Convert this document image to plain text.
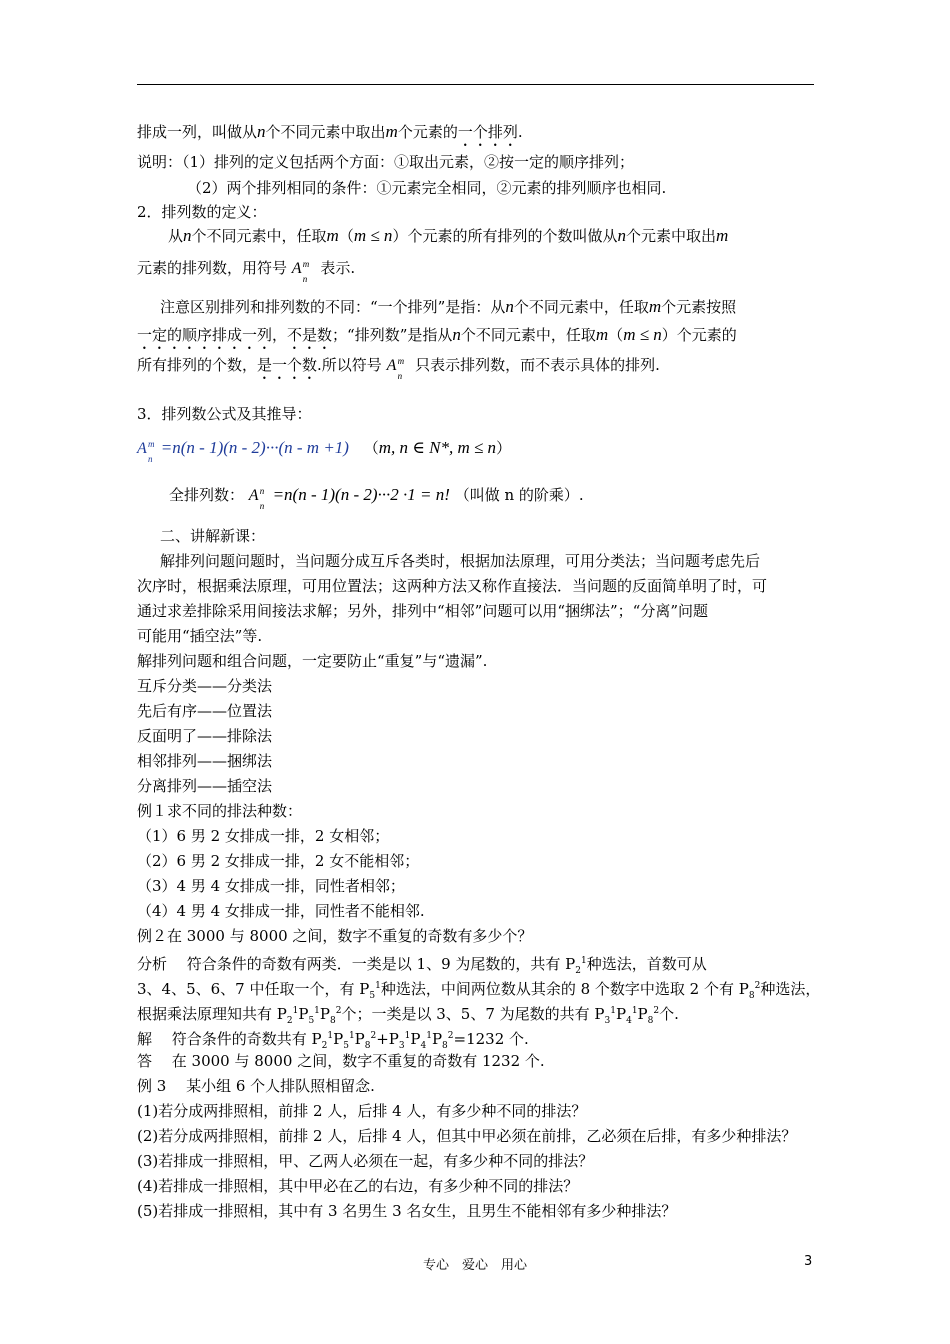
排成一列，叫做从n个不同元素中取出m个元素的一个排列.
说明：（1）排列的定义包括两个方面：①取出元素，②按一定的顺序排列；
（2）两个排列相同的条件：①元素完全相同，②元素的排列顺序也相同.
2．排列数的定义：
从n个不同元素中，任取m（m ≤ n）个元素的所有排列的个数叫做从n个元素中取出m
元素的排列数，用符号 A m
n
表示.
注意区别排列和排列数的不同：“一个排列”是指：从n个不同元素中，任取m个元素按照
一定的顺序排成一列，不是数；“排列数”是指从n个不同元素中，任取m（m ≤ n）个元素的
所有排列的个数，是一个数.所以符号 A m
n
只表示排列数，而不表示具体的排列.
3．排列数公式及其推导：
A m
n
=n(n - 1)(n - 2)···(n - m +1) （m, n ∈ N*, m ≤ n）
全排列数： A n
n
=n(n - 1)(n - 2)···2 ·1 = n! （叫做 n 的阶乘）.
二、讲解新课：
解排列问题问题时，当问题分成互斥各类时，根据加法原理，可用分类法；当问题考虑先后
次序时，根据乘法原理，可用位置法；这两种方法又称作直接法．当问题的反面简单明了时，可
通过求差排除采用间接法求解；另外，排列中“相邻”问题可以用“捆绑法”；“分离”问题
可能用“插空法”等.
解排列问题和组合问题，一定要防止“重复”与“遗漏”.
互斥分类——分类法
先后有序——位置法
反面明了——排除法
相邻排列——捆绑法
分离排列——插空法
例１求不同的排法种数：
（1）6 男 2 女排成一排，2 女相邻；
（2）6 男 2 女排成一排，2 女不能相邻；
（3）4 男 4 女排成一排，同性者相邻；
（4）4 男 4 女排成一排，同性者不能相邻.
例２在 3000 与 8000 之间，数字不重复的奇数有多少个？
分析　 符合条件的奇数有两类．一类是以 1、9 为尾数的，共有 $P_2^1$种选法，首数可从
3、4、5、6、7 中任取一个，有 $P_5^1$种选法，中间两位数从其余的 8 个数字中选取 2 个有 $P_8^2$种选法，
根据乘法原理知共有 $P_2^1P_5^1P_8^2$个；一类是以 3、5、7 为尾数的共有 $P_3^1P_4^1P_8^2$个.
解　 符合条件的奇数共有 $P_2^1P_5^1P_8^2+P_3^1P_4^1P_8^2=1232$ 个.
答　 在 3000 与 8000 之间，数字不重复的奇数有 1232 个.
例 3　 某小组 6 个人排队照相留念.
(1)若分成两排照相，前排 2 人，后排 4 人，有多少种不同的排法？
(2)若分成两排照相，前排 2 人，后排 4 人，但其中甲必须在前排，乙必须在后排，有多少种排法？
(3)若排成一排照相，甲、乙两人必须在一起，有多少种不同的排法？
(4)若排成一排照相，其中甲必在乙的右边，有多少种不同的排法？
(5)若排成一排照相，其中有 3 名男生 3 名女生，且男生不能相邻有多少种排法？
专心　爱心　用心	3
